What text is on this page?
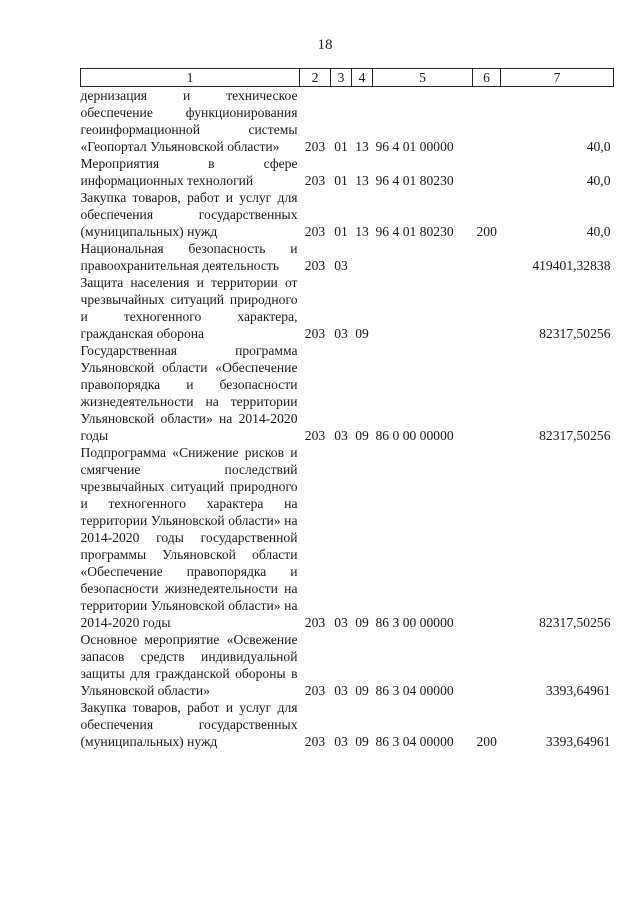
18
1	2	3	4	5	6	7
дернизация и техническое обеспечение функционирования геоинформационной системы «Геопортал Ульяновской области»	203	01	13	96 4 01 00000		40,0
Мероприятия в сфере информационных технологий	203	01	13	96 4 01 80230		40,0
Закупка товаров, работ и услуг для обеспечения государственных (муниципальных) нужд	203	01	13	96 4 01 80230	200	40,0
Национальная безопасность и правоохранительная деятельность	203	03				419401,32838
Защита населения и территории от чрезвычайных ситуаций природного и техногенного характера, гражданская оборона	203	03	09			82317,50256
Государственная программа Ульяновской области «Обеспечение правопорядка и безопасности жизнедеятельности на территории Ульяновской области» на 2014-2020 годы	203	03	09	86 0 00 00000		82317,50256
Подпрограмма «Снижение рисков и смягчение последствий чрезвычайных ситуаций природного и техногенного характера на территории Ульяновской области» на 2014-2020 годы государственной программы Ульяновской области «Обеспечение правопорядка и безопасности жизнедеятельности на территории Ульяновской области» на 2014-2020 годы	203	03	09	86 3 00 00000		82317,50256
Основное мероприятие «Освежение запасов средств индивидуальной защиты для гражданской обороны в Ульяновской области»	203	03	09	86 3 04 00000		3393,64961
Закупка товаров, работ и услуг для обеспечения государственных (муниципальных) нужд	203	03	09	86 3 04 00000	200	3393,64961
